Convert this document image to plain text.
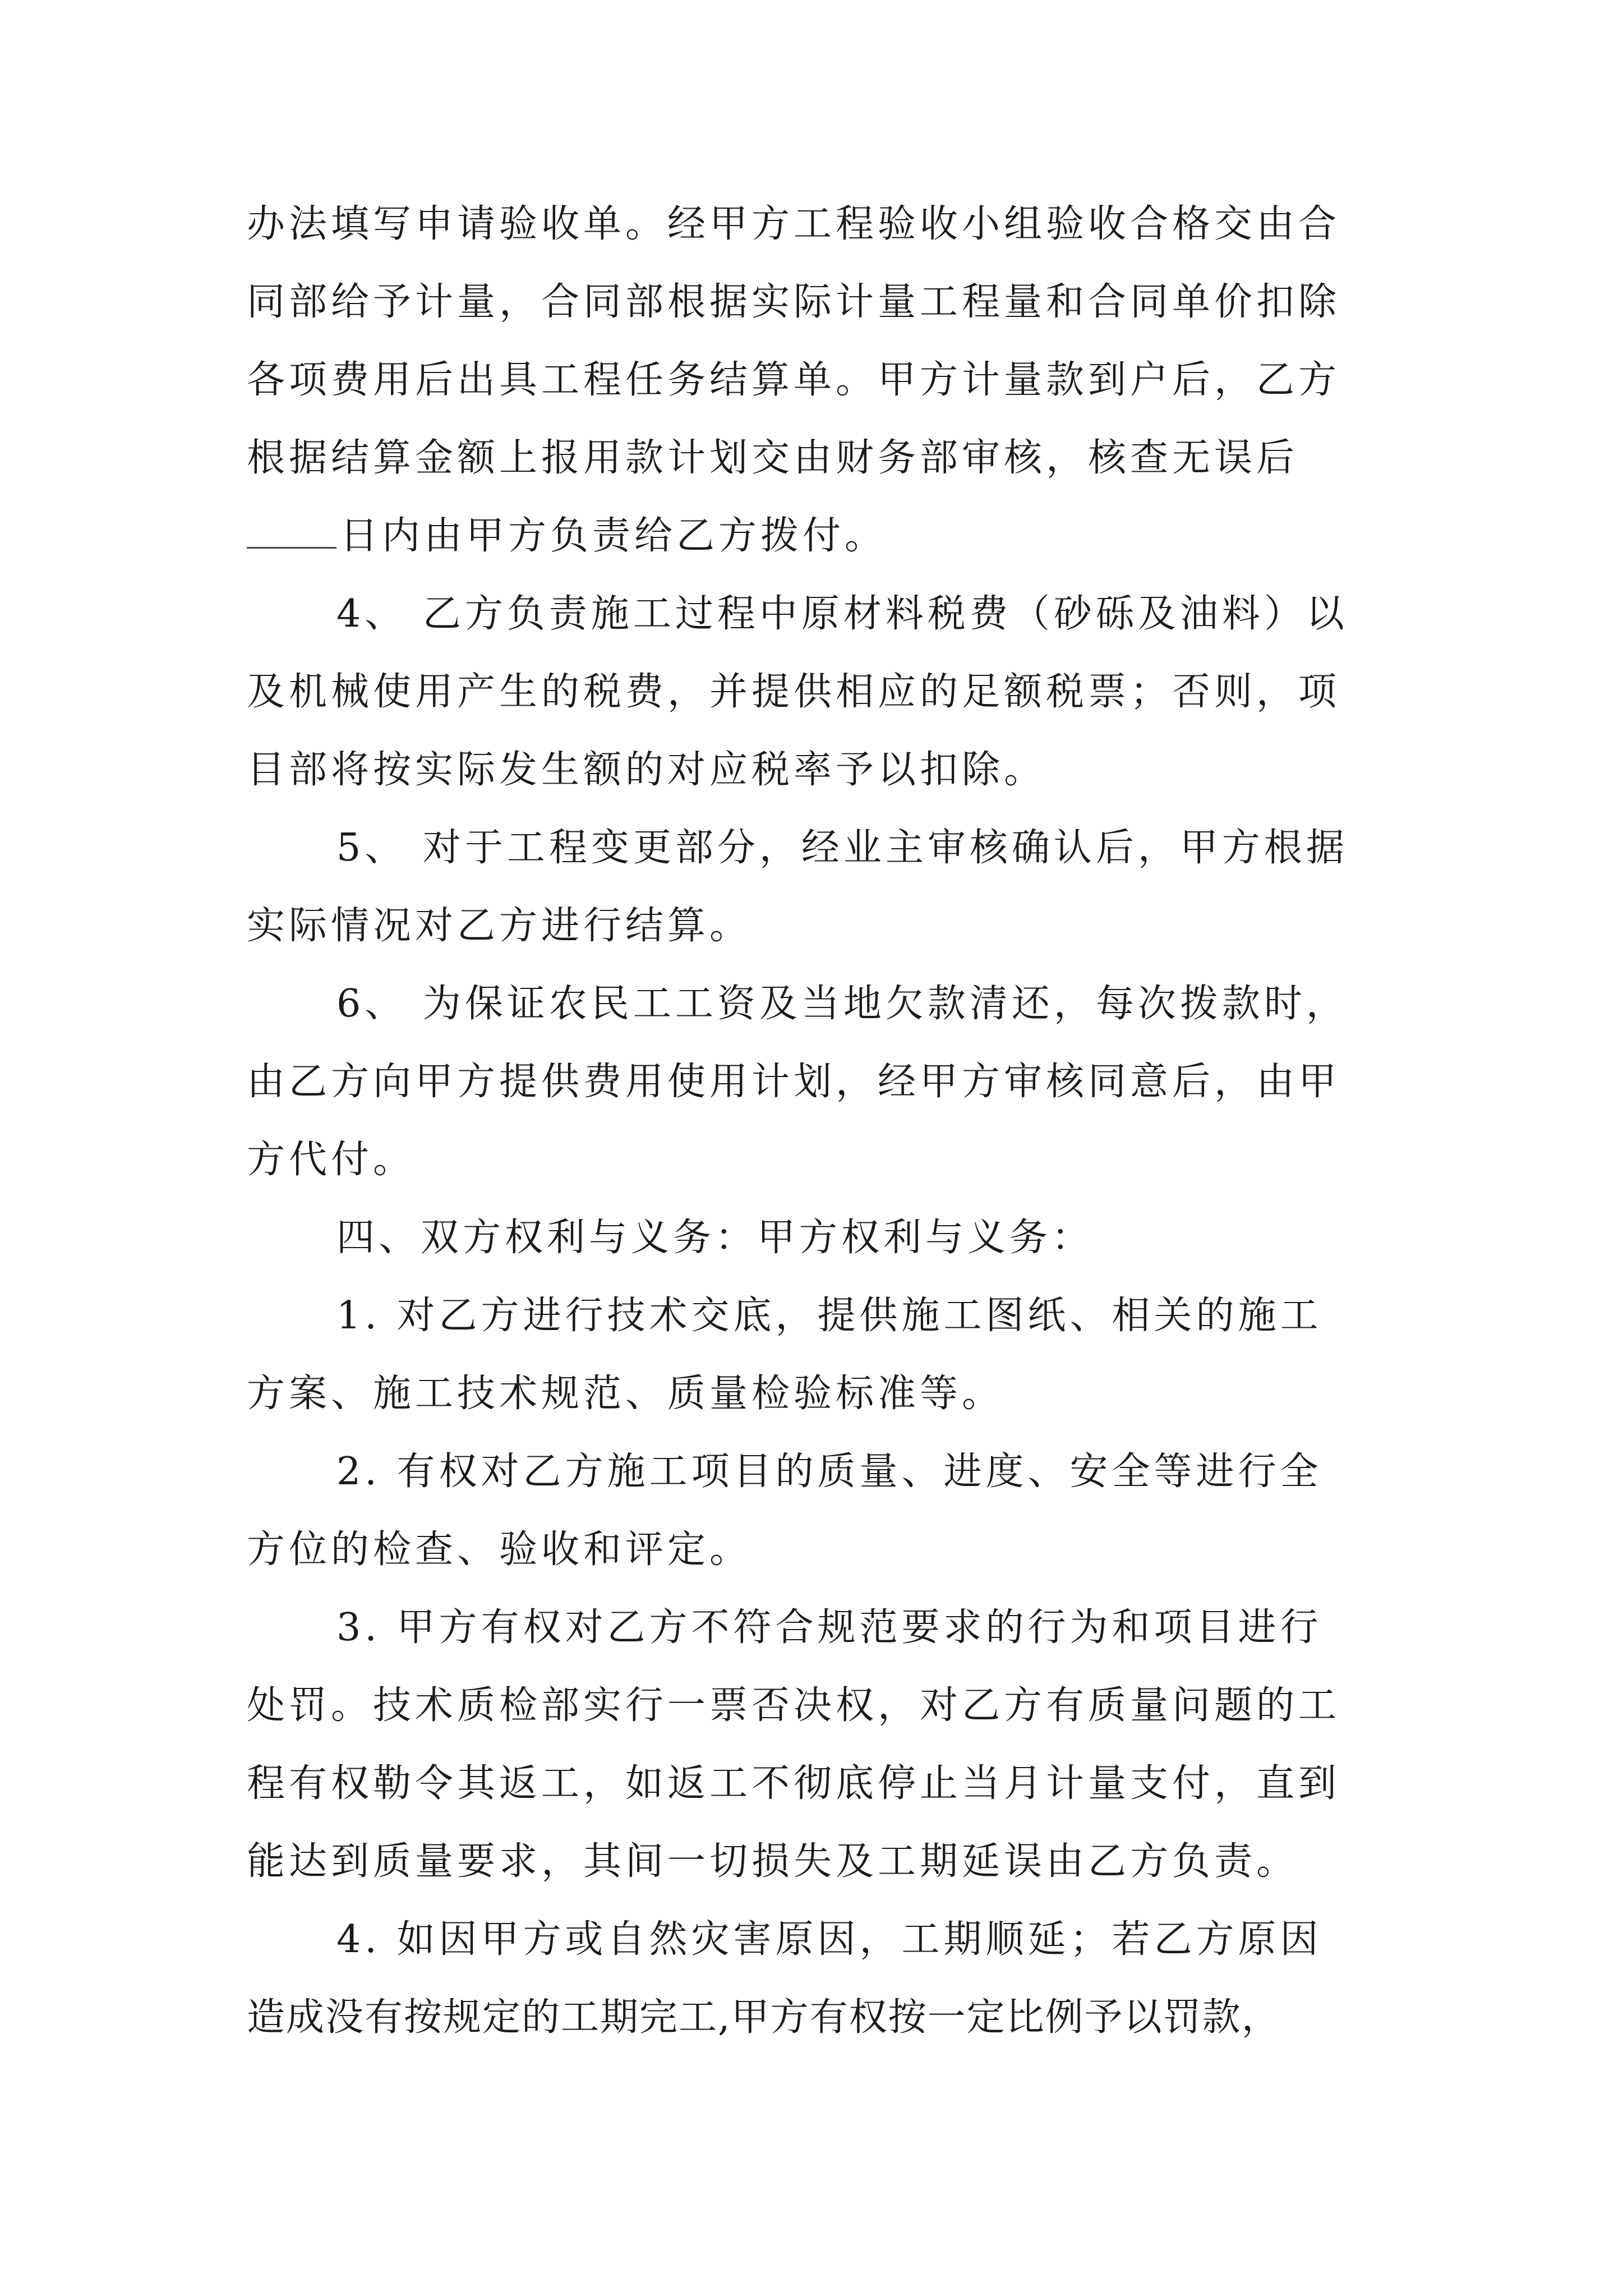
办法填写申请验收单。经甲方工程验收小组验收合格交由合
同部给予计量，合同部根据实际计量工程量和合同单价扣除
各项费用后出具工程任务结算单。甲方计量款到户后，乙方
根据结算金额上报用款计划交由财务部审核，核查无误后
日内由甲方负责给乙方拨付。
4、 乙方负责施工过程中原材料税费（砂砾及油料）以
及机械使用产生的税费，并提供相应的足额税票；否则，项
目部将按实际发生额的对应税率予以扣除。
5、 对于工程变更部分，经业主审核确认后，甲方根据
实际情况对乙方进行结算。
6、 为保证农民工工资及当地欠款清还，每次拨款时，
由乙方向甲方提供费用使用计划，经甲方审核同意后，由甲
方代付。
四、双方权利与义务：甲方权利与义务：
1. 对乙方进行技术交底，提供施工图纸、相关的施工
方案、施工技术规范、质量检验标准等。
2. 有权对乙方施工项目的质量、进度、安全等进行全
方位的检查、验收和评定。
3. 甲方有权对乙方不符合规范要求的行为和项目进行
处罚。技术质检部实行一票否决权，对乙方有质量问题的工
程有权勒令其返工，如返工不彻底停止当月计量支付，直到
能达到质量要求，其间一切损失及工期延误由乙方负责。
4. 如因甲方或自然灾害原因，工期顺延；若乙方原因
造成没有按规定的工期完工,甲方有权按一定比例予以罚款，
